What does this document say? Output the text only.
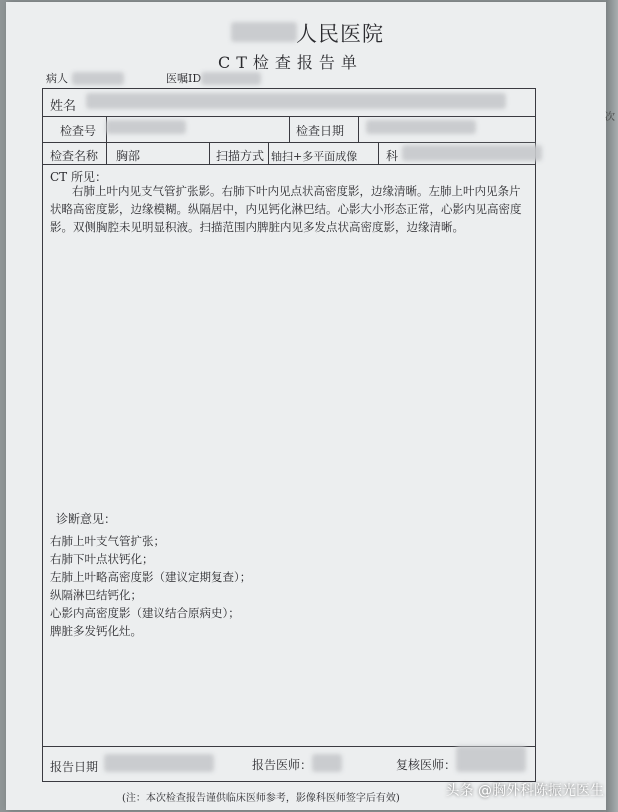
人民医院
CT检查报告单
病人	医嘱ID
姓名
检查号	检查日期
检查名称 胸部	扫描方式 轴扫+多平面成像 科
CT 所见：
右肺上叶内见支气管扩张影。右肺下叶内见点状高密度影，边缘清晰。左肺上叶内见条片状略高密度影，边缘模糊。纵隔居中，内见钙化淋巴结。心影大小形态正常，心影内见高密度影。双侧胸腔未见明显积液。扫描范围内脾脏内见多发点状高密度影，边缘清晰。
诊断意见：
右肺上叶支气管扩张；
右肺下叶点状钙化；
左肺上叶略高密度影（建议定期复查）；
纵隔淋巴结钙化；
心影内高密度影（建议结合原病史）；
脾脏多发钙化灶。
报告日期	报告医师：	复核医师：
(注：本次检查报告谨供临床医师参考，影像科医师签字后有效)
次
头条 @胸外科陈振光医生
